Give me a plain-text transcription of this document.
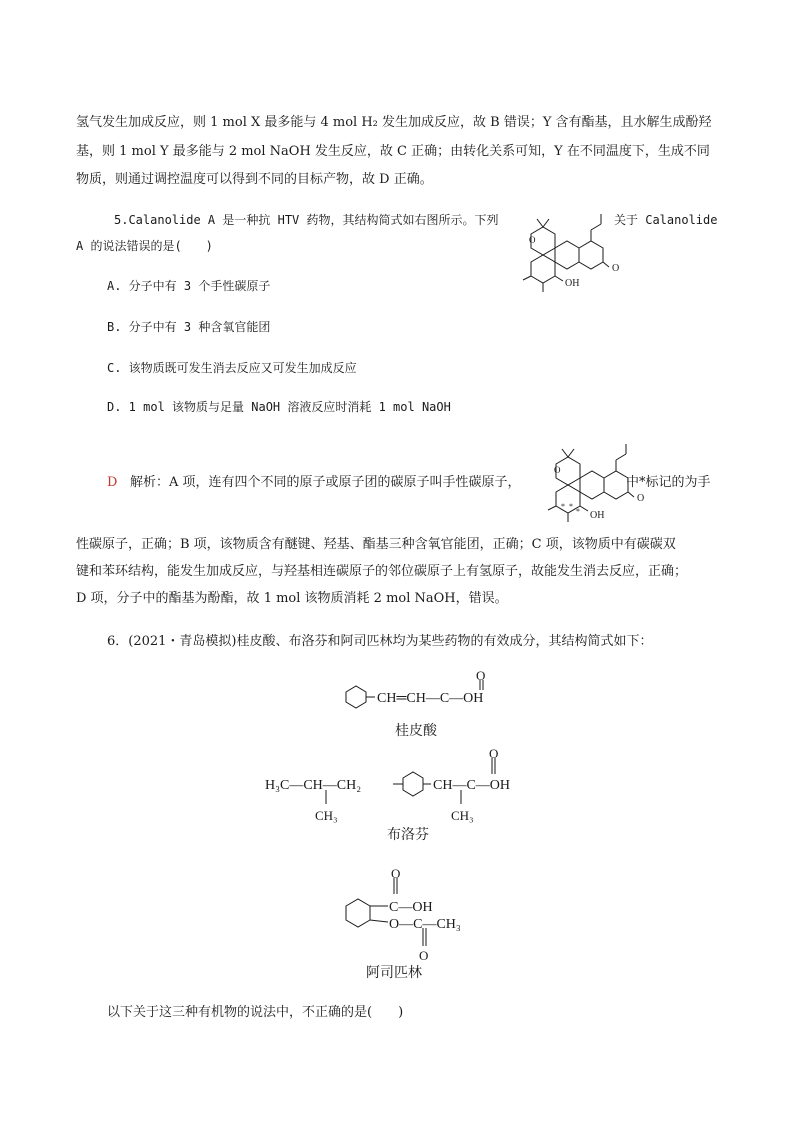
氢气发生加成反应，则 1 mol X 最多能与 4 mol H₂ 发生加成反应，故 B 错误；Y 含有酯基，且水解生成酚羟
基，则 1 mol Y 最多能与 2 mol NaOH 发生反应，故 C 正确；由转化关系可知，Y 在不同温度下，生成不同
物质，则通过调控温度可以得到不同的目标产物，故 D 正确。
5.Calanolide A 是一种抗 HTV 药物，其结构简式如右图所示。下列	关于 Calanolide
A 的说法错误的是(　　)	O
O
OH
A. 分子中有 3 个手性碳原子
B. 分子中有 3 种含氧官能团
C. 该物质既可发生消去反应又可发生加成反应
D. 1 mol 该物质与足量 NaOH 溶液反应时消耗 1 mol NaOH
D 解析：A 项，连有四个不同的原子或原子团的碳原子叫手性碳原子，
* *
*
O
O
OH
中*标记的为手
性碳原子，正确；B 项，该物质含有醚键、羟基、酯基三种含氧官能团，正确；C 项，该物质中有碳碳双
键和苯环结构，能发生加成反应，与羟基相连碳原子的邻位碳原子上有氢原子，故能发生消去反应，正确；
D 项，分子中的酯基为酚酯，故 1 mol 该物质消耗 2 mol NaOH，错误。
6．(2021・青岛模拟)桂皮酸、布洛芬和阿司匹林均为某些药物的有效成分，其结构简式如下：
O
CH═CH—C—OH
桂皮酸
O
H₃C—CH—CH₂	CH—C—OH
CH₃	CH₃
布洛芬
O
C—OH
O—C—CH₃
O
阿司匹林
以下关于这三种有机物的说法中，不正确的是(　　)
